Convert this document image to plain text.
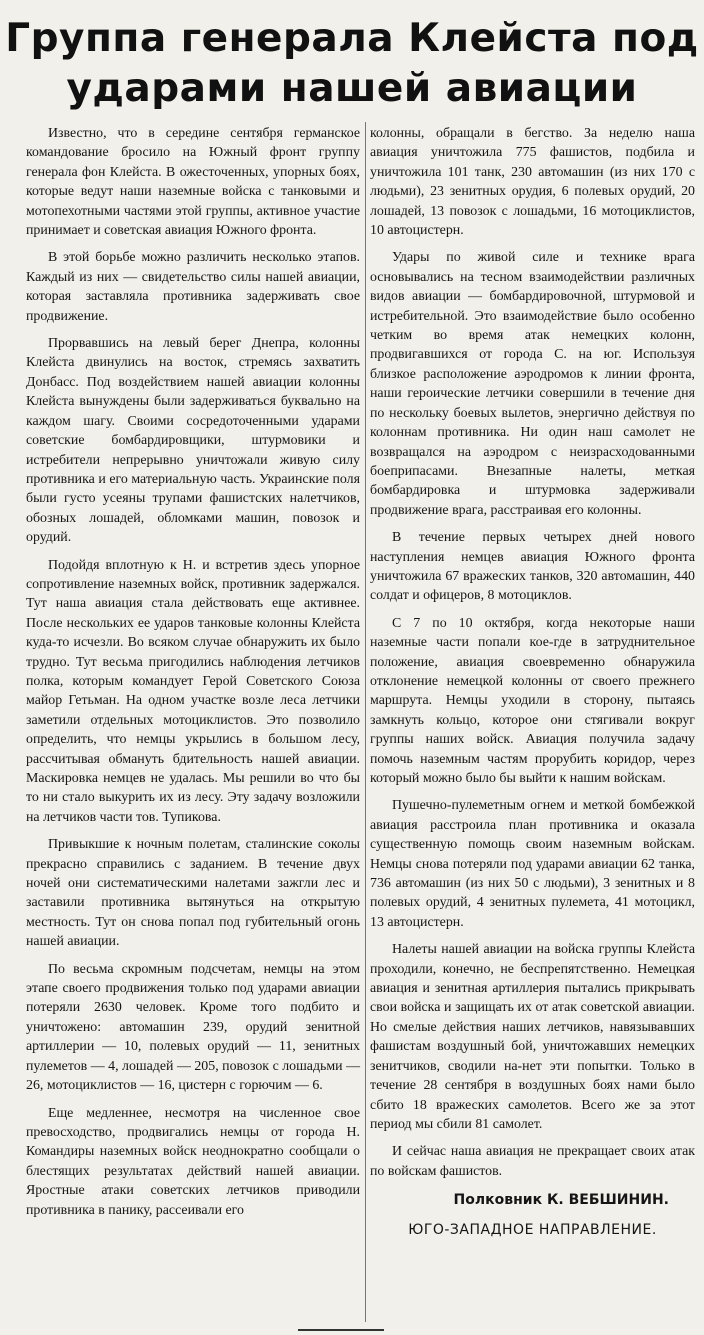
Группа генерала Клейста под
ударами нашей авиации

Известно, что в середине сентября германское командование бросило на Южный фронт группу генерала фон Клейста. В ожесточенных, упорных боях, которые ведут наши наземные войска с танковыми и мотопехотными частями этой группы, активное участие принимает и советская авиация Южного фронта.

В этой борьбе можно различить несколько этапов. Каждый из них — свидетельство силы нашей авиации, которая заставляла противника задерживать свое продвижение.

Прорвавшись на левый берег Днепра, колонны Клейста двинулись на восток, стремясь захватить Донбасс. Под воздействием нашей авиации колонны Клейста вынуждены были задерживаться буквально на каждом шагу. Своими сосредоточенными ударами советские бомбардировщики, штурмовики и истребители непрерывно уничтожали живую силу противника и его материальную часть. Украинские поля были густо усеяны трупами фашистских налетчиков, обозных лошадей, обломками машин, повозок и орудий.

Подойдя вплотную к Н. и встретив здесь упорное сопротивление наземных войск, противник задержался. Тут наша авиация стала действовать еще активнее. После нескольких ее ударов танковые колонны Клейста куда-то исчезли. Во всяком случае обнаружить их было трудно. Тут весьма пригодились наблюдения летчиков полка, которым командует Герой Советского Союза майор Гетьман. На одном участке возле леса летчики заметили отдельных мотоциклистов. Это позволило определить, что немцы укрылись в большом лесу, рассчитывая обмануть бдительность нашей авиации. Маскировка немцев не удалась. Мы решили во что бы то ни стало выкурить их из лесу. Эту задачу возложили на летчиков части тов. Тупикова.

Привыкшие к ночным полетам, сталинские соколы прекрасно справились с заданием. В течение двух ночей они систематическими налетами зажгли лес и заставили противника вытянуться на открытую местность. Тут он снова попал под губительный огонь нашей авиации.

По весьма скромным подсчетам, немцы на этом этапе своего продвижения только под ударами авиации потеряли 2630 человек. Кроме того подбито и уничтожено: автомашин 239, орудий зенитной артиллерии — 10, полевых орудий — 11, зенитных пулеметов — 4, лошадей — 205, повозок с лошадьми — 26, мотоциклистов — 16, цистерн с горючим — 6.

Еще медленнее, несмотря на численное свое превосходство, продвигались немцы от города Н. Командиры наземных войск неоднократно сообщали о блестящих результатах действий нашей авиации. Яростные атаки советских летчиков приводили противника в панику, рассеивали его

колонны, обращали в бегство. За неделю наша авиация уничтожила 775 фашистов, подбила и уничтожила 101 танк, 230 автомашин (из них 170 с людьми), 23 зенитных орудия, 6 полевых орудий, 20 лошадей, 13 повозок с лошадьми, 16 мотоциклистов, 10 автоцистерн.

Удары по живой силе и технике врага основывались на тесном взаимодействии различных видов авиации — бомбардировочной, штурмовой и истребительной. Это взаимодействие было особенно четким во время атак немецких колонн, продвигавшихся от города С. на юг. Используя близкое расположение аэродромов к линии фронта, наши героические летчики совершили в течение дня по нескольку боевых вылетов, энергично действуя по колоннам противника. Ни один наш самолет не возвращался на аэродром с неизрасходованными боеприпасами. Внезапные налеты, меткая бомбардировка и штурмовка задерживали продвижение врага, расстраивая его колонны.

В течение первых четырех дней нового наступления немцев авиация Южного фронта уничтожила 67 вражеских танков, 320 автомашин, 440 солдат и офицеров, 8 мотоциклов.

С 7 по 10 октября, когда некоторые наши наземные части попали кое-где в затруднительное положение, авиация своевременно обнаружила отклонение немецкой колонны от своего прежнего маршрута. Немцы уходили в сторону, пытаясь замкнуть кольцо, которое они стягивали вокруг группы наших войск. Авиация получила задачу помочь наземным частям прорубить коридор, через который можно было бы выйти к нашим войскам.

Пушечно-пулеметным огнем и меткой бомбежкой авиация расстроила план противника и оказала существенную помощь своим наземным войскам. Немцы снова потеряли под ударами авиации 62 танка, 736 автомашин (из них 50 с людьми), 3 зенитных и 8 полевых орудий, 4 зенитных пулемета, 41 мотоцикл, 13 автоцистерн.

Налеты нашей авиации на войска группы Клейста проходили, конечно, не беспрепятственно. Немецкая авиация и зенитная артиллерия пытались прикрывать свои войска и защищать их от атак советской авиации. Но смелые действия наших летчиков, навязывавших фашистам воздушный бой, уничтожавших немецких зенитчиков, сводили на-нет эти попытки. Только в течение 28 сентября в воздушных боях нами было сбито 18 вражеских самолетов. Всего же за этот период мы сбили 81 самолет.

И сейчас наша авиация не прекращает своих атак по войскам фашистов.

Полковник К. ВЕБШИНИН.
ЮГО-ЗАПАДНОЕ НАПРАВЛЕНИЕ.
